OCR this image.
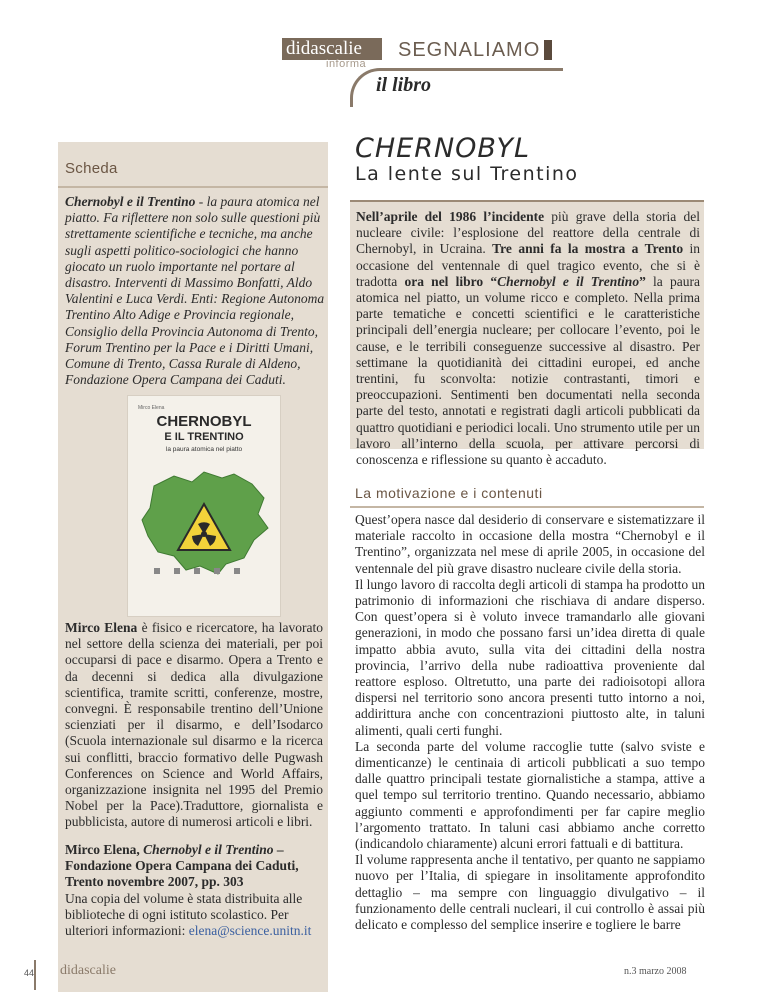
didascalie
informa
SEGNALIAMO
il libro
Scheda
Chernobyl e il Trentino - la paura atomica nel piatto. Fa riflettere non solo sulle questioni più strettamente scientifiche e tecniche, ma anche sugli aspetti politico-sociologici che hanno giocato un ruolo importante nel portare al disastro. Interventi di Massimo Bonfatti, Aldo Valentini e Luca Verdi. Enti: Regione Autonoma Trentino Alto Adige e Provincia regionale, Consiglio della Provincia Autonoma di Trento, Forum Trentino per la Pace e i Diritti Umani, Comune di Trento, Cassa Rurale di Aldeno, Fondazione Opera Campana dei Caduti.
Mirco Elena
CHERNOBYL
E IL TRENTINO
la paura atomica nel piatto
Mirco Elena è fisico e ricercatore, ha lavorato nel settore della scienza dei materiali, per poi occuparsi di pace e disarmo. Opera a Trento e da decenni si dedica alla divulgazione scientifica, tramite scritti, conferenze, mostre, convegni. È responsabile trentino dell’Unione scienziati per il disarmo, e dell’Isodarco (Scuola internazionale sul disarmo e la ricerca sui conflitti, braccio formativo delle Pugwash Conferences on Science and World Affairs, organizzazione insignita nel 1995 del Premio Nobel per la Pace).Traduttore, giornalista e pubblicista, autore di numerosi articoli e libri.
Mirco Elena, Chernobyl e il Trentino – Fondazione Opera Campana dei Caduti, Trento novembre 2007, pp. 303
Una copia del volume è stata distribuita alle biblioteche di ogni istituto scolastico. Per ulteriori informazioni: elena@science.unitn.it
CHERNOBYL
La lente sul Trentino
Nell’aprile del 1986 l’incidente più grave della storia del nucleare civile: l’esplosione del reattore della centrale di Chernobyl, in Ucraina. Tre anni fa la mostra a Trento in occasione del ventennale di quel tragico evento, che si è tradotta ora nel libro “Chernobyl e il Trentino” la paura atomica nel piatto, un volume ricco e completo. Nella prima parte tematiche e concetti scientifici e le caratteristiche principali dell’energia nucleare; per collocare l’evento, poi le cause, e le terribili conseguenze successive al disastro. Per settimane la quotidianità dei cittadini europei, ed anche trentini, fu sconvolta: notizie contrastanti, timori e preoccupazioni. Sentimenti ben documentati nella seconda parte del testo, annotati e registrati dagli articoli pubblicati da quattro quotidiani e periodici locali. Uno strumento utile per un lavoro all’interno della scuola, per attivare percorsi di conoscenza e riflessione su quanto è accaduto.
La motivazione e i contenuti

Quest’opera nasce dal desiderio di conservare e sistematizzare il materiale raccolto in occasione della mostra “Chernobyl e il Trentino”, organizzata nel mese di aprile 2005, in occasione del ventennale del più grave disastro nucleare civile della storia.

Il lungo lavoro di raccolta degli articoli di stampa ha prodotto un patrimonio di informazioni che rischiava di andare disperso. Con quest’opera si è voluto invece tramandarlo alle giovani generazioni, in modo che possano farsi un’idea diretta di quale impatto abbia avuto, sulla vita dei cittadini della nostra provincia, l’arrivo della nube radioattiva proveniente dal reattore esploso. Oltretutto, una parte dei radioisotopi allora dispersi nel territorio sono ancora presenti tutto intorno a noi, addirittura anche con concentrazioni piuttosto alte, in taluni alimenti, quali certi funghi.

La seconda parte del volume raccoglie tutte (salvo sviste e dimenticanze) le centinaia di articoli pubblicati a suo tempo dalle quattro principali testate giornalistiche a stampa, attive a quel tempo sul territorio trentino. Quando necessario, abbiamo aggiunto commenti e approfondimenti per far capire meglio l’argomento trattato. In taluni casi abbiamo anche corretto (indicandolo chiaramente) alcuni errori fattuali e di battitura.

Il volume rappresenta anche il tentativo, per quanto ne sappiamo nuovo per l’Italia, di spiegare in insolitamente approfondito dettaglio – ma sempre con linguaggio divulgativo – il funzionamento delle centrali nucleari, il cui controllo è assai più delicato e complesso del semplice inserire e togliere le barre

44 didascalie	n.3 marzo 2008
